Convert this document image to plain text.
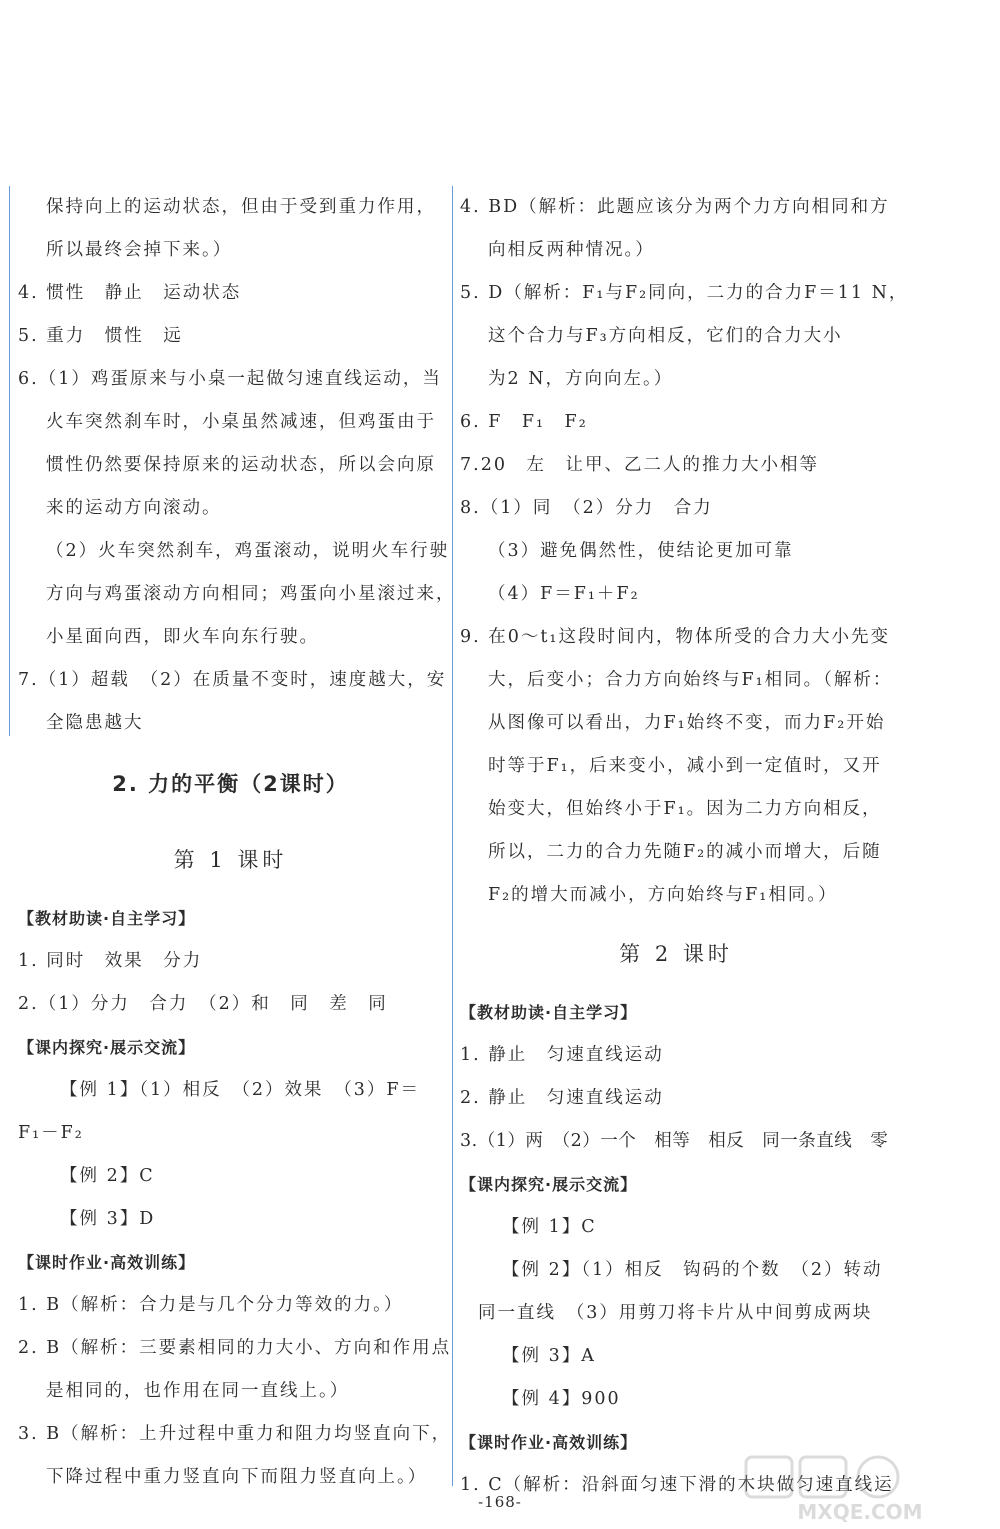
保持向上的运动状态，但由于受到重力作用，
所以最终会掉下来。）
4. 惯性　静止　运动状态
5. 重力　惯性　远
6.（1）鸡蛋原来与小桌一起做匀速直线运动，当
火车突然刹车时，小桌虽然减速，但鸡蛋由于
惯性仍然要保持原来的运动状态，所以会向原
来的运动方向滚动。
（2）火车突然刹车，鸡蛋滚动，说明火车行驶
方向与鸡蛋滚动方向相同；鸡蛋向小星滚过来，
小星面向西，即火车向东行驶。
7.（1）超载　（2）在质量不变时，速度越大，安
全隐患越大
2. 力的平衡（2课时）
第 1 课时
【教材助读·自主学习】
1. 同时　效果　分力
2.（1）分力　合力　（2）和　同　差　同
【课内探究·展示交流】
【例 1】（1）相反　（2）效果　（3）F＝
F₁－F₂
【例 2】C
【例 3】D
【课时作业·高效训练】
1. B（解析：合力是与几个分力等效的力。）
2. B（解析：三要素相同的力大小、方向和作用点
是相同的，也作用在同一直线上。）
3. B（解析：上升过程中重力和阻力均竖直向下，
下降过程中重力竖直向下而阻力竖直向上。）
4. BD（解析：此题应该分为两个力方向相同和方
向相反两种情况。）
5. D（解析：F₁与F₂同向，二力的合力F＝11 N，
这个合力与F₃方向相反，它们的合力大小
为2 N，方向向左。）
6. F　F₁　F₂
7.20　左　让甲、乙二人的推力大小相等
8.（1）同　（2）分力　合力
（3）避免偶然性，使结论更加可靠
（4）F＝F₁＋F₂
9. 在0～t₁这段时间内，物体所受的合力大小先变
大，后变小；合力方向始终与F₁相同。（解析：
从图像可以看出，力F₁始终不变，而力F₂开始
时等于F₁，后来变小，减小到一定值时，又开
始变大，但始终小于F₁。因为二力方向相反，
所以，二力的合力先随F₂的减小而增大，后随
F₂的增大而减小，方向始终与F₁相同。）
第 2 课时
【教材助读·自主学习】
1. 静止　匀速直线运动
2. 静止　匀速直线运动
3.（1）两　（2）一个　相等　相反　同一条直线　零
【课内探究·展示交流】
【例 1】C
【例 2】（1）相反　钩码的个数　（2）转动
同一直线　（3）用剪刀将卡片从中间剪成两块
【例 3】A
【例 4】900
【课时作业·高效训练】
1. C（解析：沿斜面匀速下滑的木块做匀速直线运
-168-	MXQE.COM
